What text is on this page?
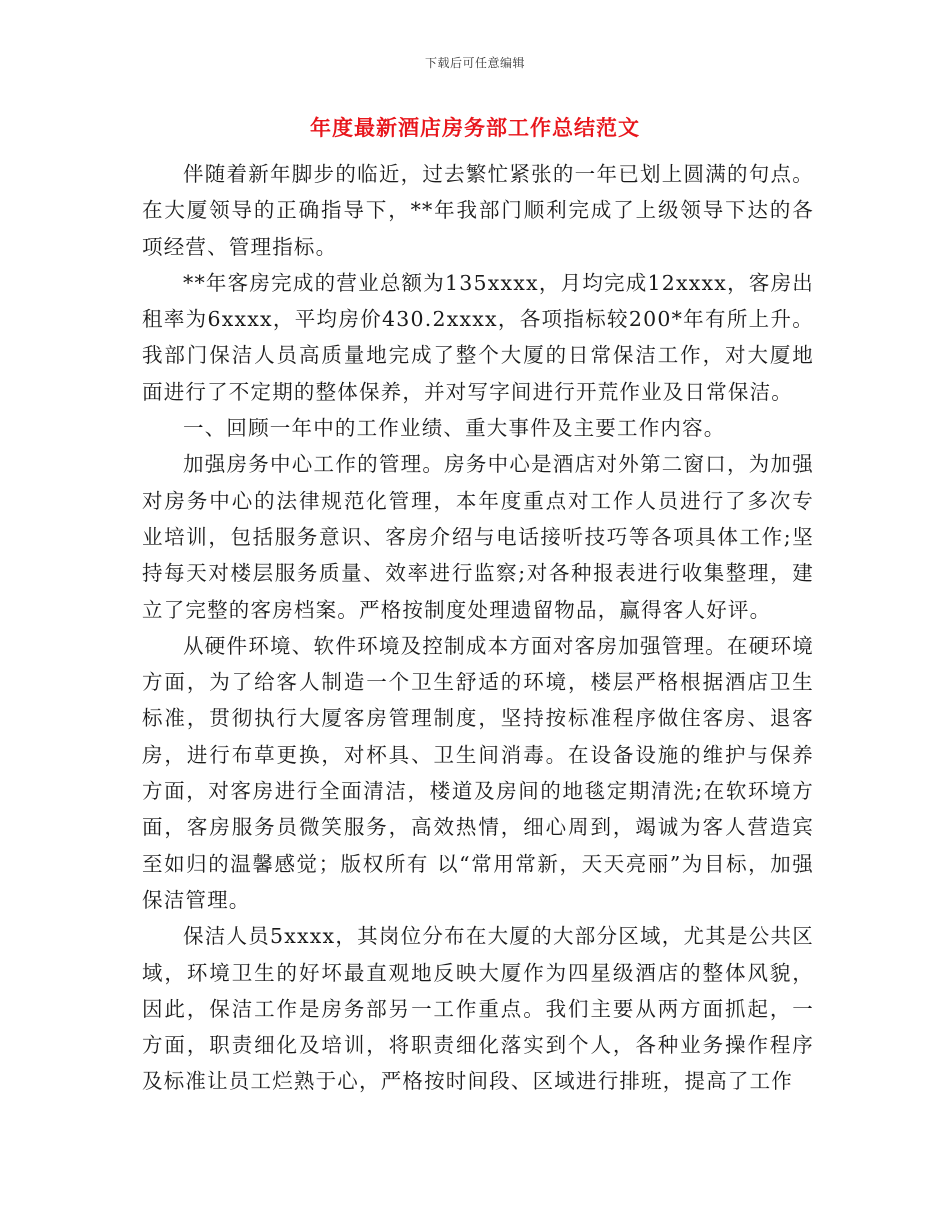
下载后可任意编辑
年度最新酒店房务部工作总结范文

伴随着新年脚步的临近，过去繁忙紧张的一年已划上圆满的句点。在大厦领导的正确指导下，**年我部门顺利完成了上级领导下达的各项经营、管理指标。

**年客房完成的营业总额为135xxxx，月均完成12xxxx，客房出租率为6xxxx，平均房价430.2xxxx，各项指标较200*年有所上升。我部门保洁人员高质量地完成了整个大厦的日常保洁工作，对大厦地面进行了不定期的整体保养，并对写字间进行开荒作业及日常保洁。

一、回顾一年中的工作业绩、重大事件及主要工作内容。

加强房务中心工作的管理。房务中心是酒店对外第二窗口，为加强对房务中心的法律规范化管理，本年度重点对工作人员进行了多次专业培训，包括服务意识、客房介绍与电话接听技巧等各项具体工作;坚持每天对楼层服务质量、效率进行监察;对各种报表进行收集整理，建立了完整的客房档案。严格按制度处理遗留物品，赢得客人好评。

从硬件环境、软件环境及控制成本方面对客房加强管理。在硬环境方面，为了给客人制造一个卫生舒适的环境，楼层严格根据酒店卫生标准，贯彻执行大厦客房管理制度，坚持按标准程序做住客房、退客房，进行布草更换，对杯具、卫生间消毒。在设备设施的维护与保养方面，对客房进行全面清洁，楼道及房间的地毯定期清洗;在软环境方面，客房服务员微笑服务，高效热情，细心周到，竭诚为客人营造宾至如归的温馨感觉；版权所有 以“常用常新，天天亮丽”为目标，加强保洁管理。

保洁人员5xxxx，其岗位分布在大厦的大部分区域，尤其是公共区域，环境卫生的好坏最直观地反映大厦作为四星级酒店的整体风貌，因此，保洁工作是房务部另一工作重点。我们主要从两方面抓起，一方面，职责细化及培训，将职责细化落实到个人，各种业务操作程序及标准让员工烂熟于心，严格按时间段、区域进行排班，提高了工作
